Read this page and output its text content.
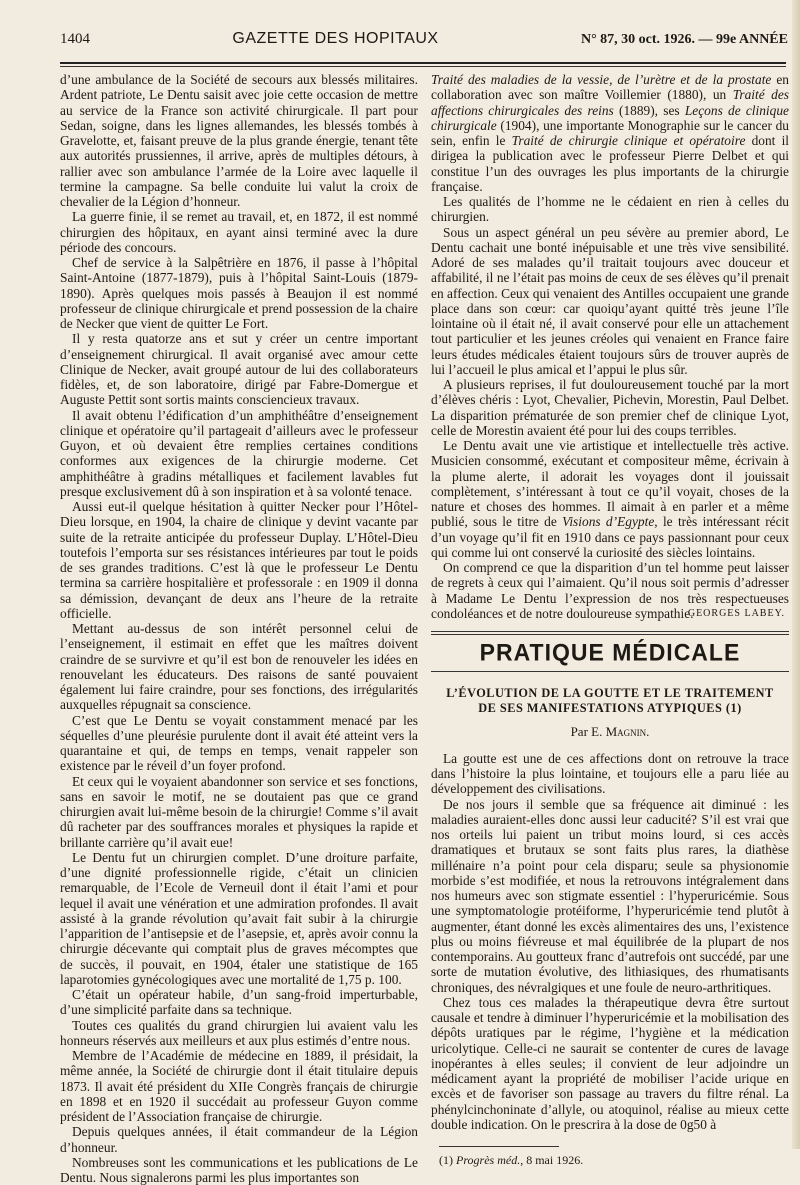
1404	GAZETTE DES HOPITAUX	N° 87, 30 oct. 1926. — 99e ANNÉE

d’une ambulance de la Société de secours aux blessés militaires. Ardent patriote, Le Dentu saisit avec joie cette occasion de mettre au service de la France son activité chirurgicale. Il part pour Sedan, soigne, dans les lignes allemandes, les blessés tombés à Gravelotte, et, faisant preuve de la plus grande énergie, tenant tête aux autorités prussiennes, il arrive, après de multiples détours, à rallier avec son ambulance l’armée de la Loire avec laquelle il termine la campagne. Sa belle conduite lui valut la croix de chevalier de la Légion d’honneur.

La guerre finie, il se remet au travail, et, en 1872, il est nommé chirurgien des hôpitaux, en ayant ainsi terminé avec la dure période des concours.

Chef de service à la Salpêtrière en 1876, il passe à l’hôpital Saint-Antoine (1877-1879), puis à l’hôpital Saint-Louis (1879-1890). Après quelques mois passés à Beaujon il est nommé professeur de clinique chirurgicale et prend possession de la chaire de Necker que vient de quitter Le Fort.

Il y resta quatorze ans et sut y créer un centre important d’enseignement chirurgical. Il avait organisé avec amour cette Clinique de Necker, avait groupé autour de lui des collaborateurs fidèles, et, de son laboratoire, dirigé par Fabre-Domergue et Auguste Pettit sont sortis maints consciencieux travaux.

Il avait obtenu l’édification d’un amphithéâtre d’enseignement clinique et opératoire qu’il partageait d’ailleurs avec le professeur Guyon, et où devaient être remplies certaines conditions conformes aux exigences de la chirurgie moderne. Cet amphithéâtre à gradins métalliques et facilement lavables fut presque exclusivement dû à son inspiration et à sa volonté tenace.

Aussi eut-il quelque hésitation à quitter Necker pour l’Hôtel-Dieu lorsque, en 1904, la chaire de clinique y devint vacante par suite de la retraite anticipée du professeur Duplay. L’Hôtel-Dieu toutefois l’emporta sur ses résistances intérieures par tout le poids de ses grandes traditions. C’est là que le professeur Le Dentu termina sa carrière hospitalière et professorale : en 1909 il donna sa démission, devançant de deux ans l’heure de la retraite officielle.

Mettant au-dessus de son intérêt personnel celui de l’enseignement, il estimait en effet que les maîtres doivent craindre de se survivre et qu’il est bon de renouveler les idées en renouvelant les éducateurs. Des raisons de santé pouvaient également lui faire craindre, pour ses fonctions, des irrégularités auxquelles répugnait sa conscience.

C’est que Le Dentu se voyait constamment menacé par les séquelles d’une pleurésie purulente dont il avait été atteint vers la quarantaine et qui, de temps en temps, venait rappeler son existence par le réveil d’un foyer profond.

Et ceux qui le voyaient abandonner son service et ses fonctions, sans en savoir le motif, ne se doutaient pas que ce grand chirurgien avait lui-même besoin de la chirurgie! Comme s’il avait dû racheter par des souffrances morales et physiques la rapide et brillante carrière qu’il avait eue!

Le Dentu fut un chirurgien complet. D’une droiture parfaite, d’une dignité professionnelle rigide, c’était un clinicien remarquable, de l’Ecole de Verneuil dont il était l’ami et pour lequel il avait une vénération et une admiration profondes. Il avait assisté à la grande révolution qu’avait fait subir à la chirurgie l’apparition de l’antisepsie et de l’asepsie, et, après avoir connu la chirurgie décevante qui comptait plus de graves mécomptes que de succès, il pouvait, en 1904, étaler une statistique de 165 laparotomies gynécologiques avec une mortalité de 1,75 p. 100.

C’était un opérateur habile, d’un sang-froid imperturbable, d’une simplicité parfaite dans sa technique.

Toutes ces qualités du grand chirurgien lui avaient valu les honneurs réservés aux meilleurs et aux plus estimés d’entre nous.

Membre de l’Académie de médecine en 1889, il présidait, la même année, la Société de chirurgie dont il était titulaire depuis 1873. Il avait été président du XIIe Congrès français de chirurgie en 1898 et en 1920 il succédait au professeur Guyon comme président de l’Association française de chirurgie.

Depuis quelques années, il était commandeur de la Légion d’honneur.

Nombreuses sont les communications et les publications de Le Dentu. Nous signalerons parmi les plus importantes son

Traité des maladies de la vessie, de l’urètre et de la prostate en collaboration avec son maître Voillemier (1880), un Traité des affections chirurgicales des reins (1889), ses Leçons de clinique chirurgicale (1904), une importante Monographie sur le cancer du sein, enfin le Traité de chirurgie clinique et opératoire dont il dirigea la publication avec le professeur Pierre Delbet et qui constitue l’un des ouvrages les plus importants de la chirurgie française.

Les qualités de l’homme ne le cédaient en rien à celles du chirurgien.

Sous un aspect général un peu sévère au premier abord, Le Dentu cachait une bonté inépuisable et une très vive sensibilité. Adoré de ses malades qu’il traitait toujours avec douceur et affabilité, il ne l’était pas moins de ceux de ses élèves qu’il prenait en affection. Ceux qui venaient des Antilles occupaient une grande place dans son cœur: car quoiqu’ayant quitté très jeune l’île lointaine où il était né, il avait conservé pour elle un attachement tout particulier et les jeunes créoles qui venaient en France faire leurs études médicales étaient toujours sûrs de trouver auprès de lui l’accueil le plus amical et l’appui le plus sûr.

A plusieurs reprises, il fut douloureusement touché par la mort d’élèves chéris : Lyot, Chevalier, Pichevin, Morestin, Paul Delbet. La disparition prématurée de son premier chef de clinique Lyot, celle de Morestin avaient été pour lui des coups terribles.

Le Dentu avait une vie artistique et intellectuelle très active. Musicien consommé, exécutant et compositeur même, écrivain à la plume alerte, il adorait les voyages dont il jouissait complètement, s’intéressant à tout ce qu’il voyait, choses de la nature et choses des hommes. Il aimait à en parler et a même publié, sous le titre de Visions d’Egypte, le très intéressant récit d’un voyage qu’il fit en 1910 dans ce pays passionnant pour ceux qui comme lui ont conservé la curiosité des siècles lointains.

On comprend ce que la disparition d’un tel homme peut laisser de regrets à ceux qui l’aimaient. Qu’il nous soit permis d’adresser à Madame Le Dentu l’expression de nos très respectueuses condoléances et de notre douloureuse sympathie.

GEORGES LABEY.
PRATIQUE MÉDICALE
L’ÉVOLUTION DE LA GOUTTE ET LE TRAITEMENT
DE SES MANIFESTATIONS ATYPIQUES (1)
Par E. Magnin.

La goutte est une de ces affections dont on retrouve la trace dans l’histoire la plus lointaine, et toujours elle a paru liée au développement des civilisations.

De nos jours il semble que sa fréquence ait diminué : les maladies auraient-elles donc aussi leur caducité? S’il est vrai que nos orteils lui paient un tribut moins lourd, si ces accès dramatiques et brutaux se sont faits plus rares, la diathèse millénaire n’a point pour cela disparu; seule sa physionomie morbide s’est modifiée, et nous la retrouvons intégralement dans nos humeurs avec son stigmate essentiel : l’hyperuricémie. Sous une symptomatologie protéiforme, l’hyperuricémie tend plutôt à augmenter, étant donné les excès alimentaires des uns, l’existence plus ou moins fiévreuse et mal équilibrée de la plupart de nos contemporains. Au goutteux franc d’autrefois ont succédé, par une sorte de mutation évolutive, des lithiasiques, des rhumatisants chroniques, des névralgiques et une foule de neuro-arthritiques.

Chez tous ces malades la thérapeutique devra être surtout causale et tendre à diminuer l’hyperuricémie et la mobilisation des dépôts uratiques par le régime, l’hygiène et la médication uricolytique. Celle-ci ne saurait se contenter de cures de lavage inopérantes à elles seules; il convient de leur adjoindre un médicament ayant la propriété de mobiliser l’acide urique en excès et de favoriser son passage au travers du filtre rénal. La phénylcinchoninate d’allyle, ou atoquinol, réalise au mieux cette double indication. On le prescrira à la dose de 0g50 à

(1) Progrès méd., 8 mai 1926.
